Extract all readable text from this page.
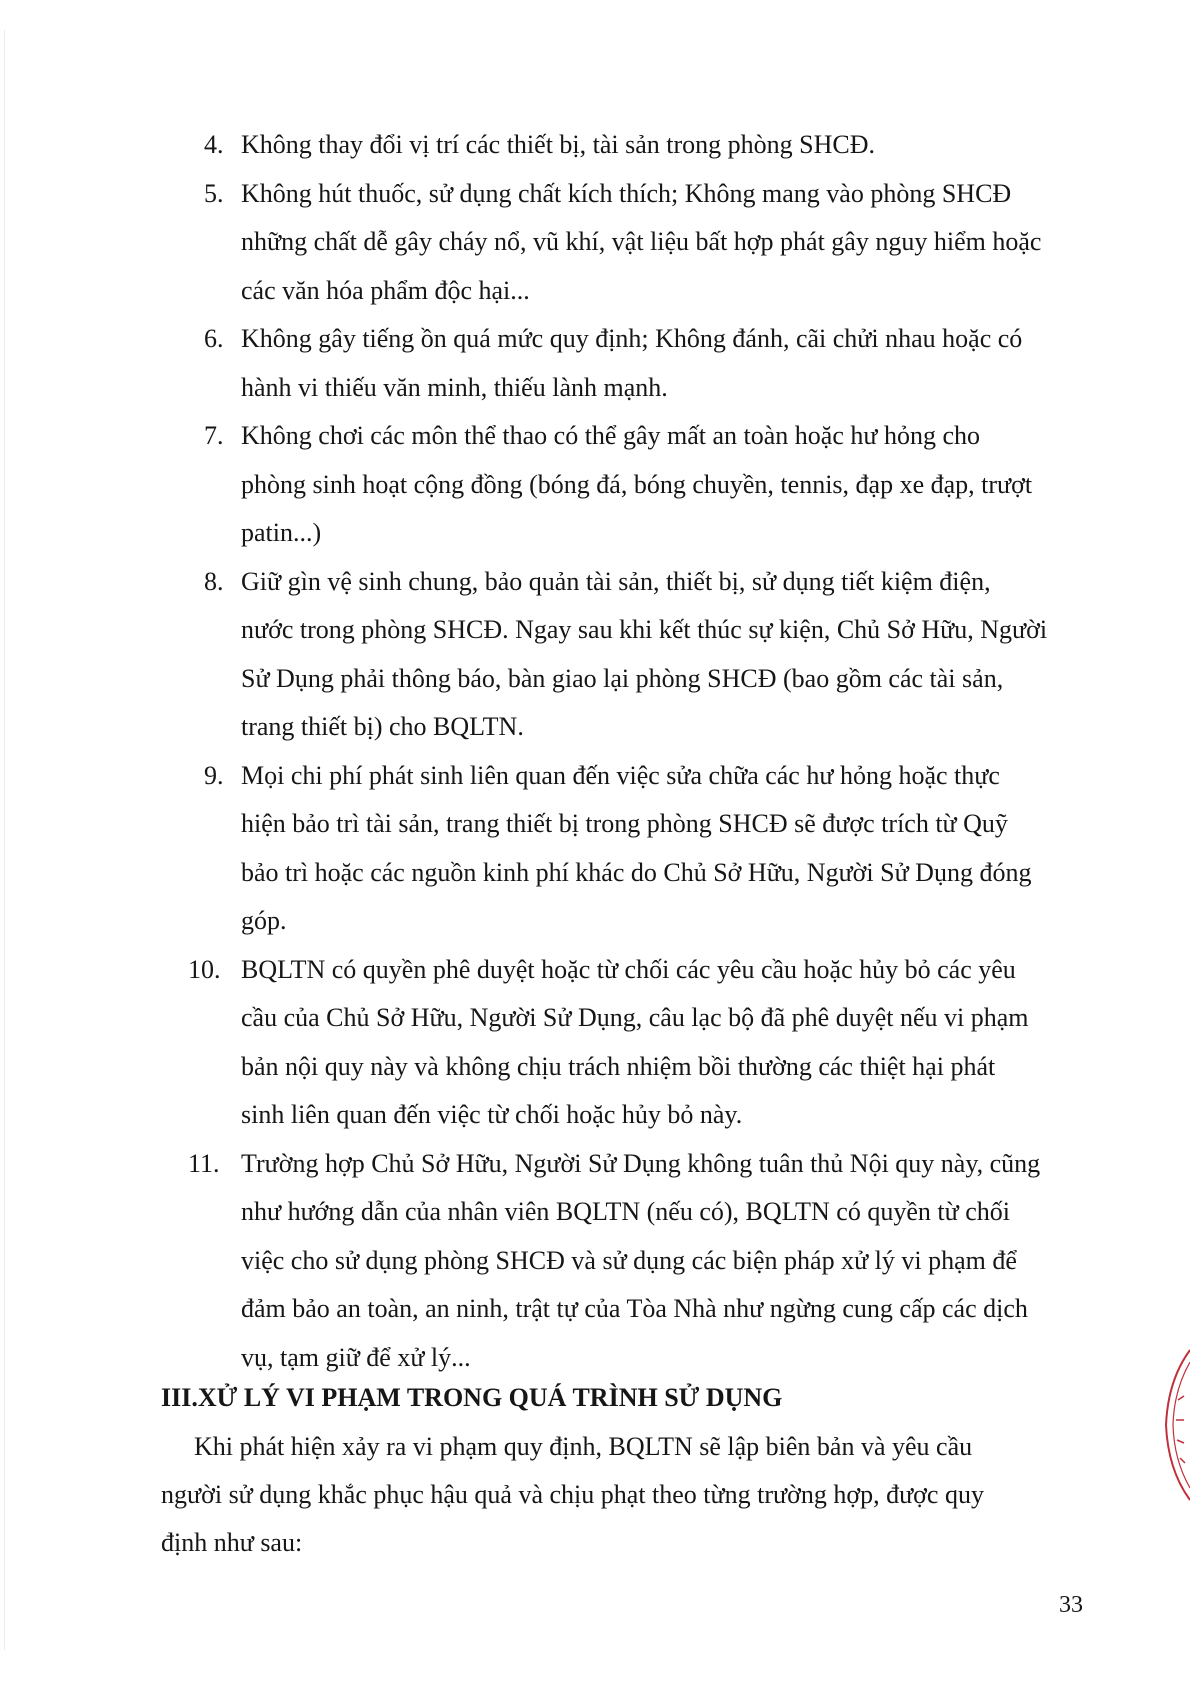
4. Không thay đổi vị trí các thiết bị, tài sản trong phòng SHCĐ.
5. Không hút thuốc, sử dụng chất kích thích; Không mang vào phòng SHCĐ
những chất dễ gây cháy nổ, vũ khí, vật liệu bất hợp phát gây nguy hiểm hoặc
các văn hóa phẩm độc hại...
6. Không gây tiếng ồn quá mức quy định; Không đánh, cãi chửi nhau hoặc có
hành vi thiếu văn minh, thiếu lành mạnh.
7. Không chơi các môn thể thao có thể gây mất an toàn hoặc hư hỏng cho
phòng sinh hoạt cộng đồng (bóng đá, bóng chuyền, tennis, đạp xe đạp, trượt
patin...)
8. Giữ gìn vệ sinh chung, bảo quản tài sản, thiết bị, sử dụng tiết kiệm điện,
nước trong phòng SHCĐ. Ngay sau khi kết thúc sự kiện, Chủ Sở Hữu, Người
Sử Dụng phải thông báo, bàn giao lại phòng SHCĐ (bao gồm các tài sản,
trang thiết bị) cho BQLTN.
9. Mọi chi phí phát sinh liên quan đến việc sửa chữa các hư hỏng hoặc thực
hiện bảo trì tài sản, trang thiết bị trong phòng SHCĐ sẽ được trích từ Quỹ
bảo trì hoặc các nguồn kinh phí khác do Chủ Sở Hữu, Người Sử Dụng đóng
góp.
10. BQLTN có quyền phê duyệt hoặc từ chối các yêu cầu hoặc hủy bỏ các yêu
cầu của Chủ Sở Hữu, Người Sử Dụng, câu lạc bộ đã phê duyệt nếu vi phạm
bản nội quy này và không chịu trách nhiệm bồi thường các thiệt hại phát
sinh liên quan đến việc từ chối hoặc hủy bỏ này.
11. Trường hợp Chủ Sở Hữu, Người Sử Dụng không tuân thủ Nội quy này, cũng
như hướng dẫn của nhân viên BQLTN (nếu có), BQLTN có quyền từ chối
việc cho sử dụng phòng SHCĐ và sử dụng các biện pháp xử lý vi phạm để
đảm bảo an toàn, an ninh, trật tự của Tòa Nhà như ngừng cung cấp các dịch
vụ, tạm giữ để xử lý...
III.XỬ LÝ VI PHẠM TRONG QUÁ TRÌNH SỬ DỤNG
Khi phát hiện xảy ra vi phạm quy định, BQLTN sẽ lập biên bản và yêu cầu
người sử dụng khắc phục hậu quả và chịu phạt theo từng trường hợp, được quy
định như sau:
33
